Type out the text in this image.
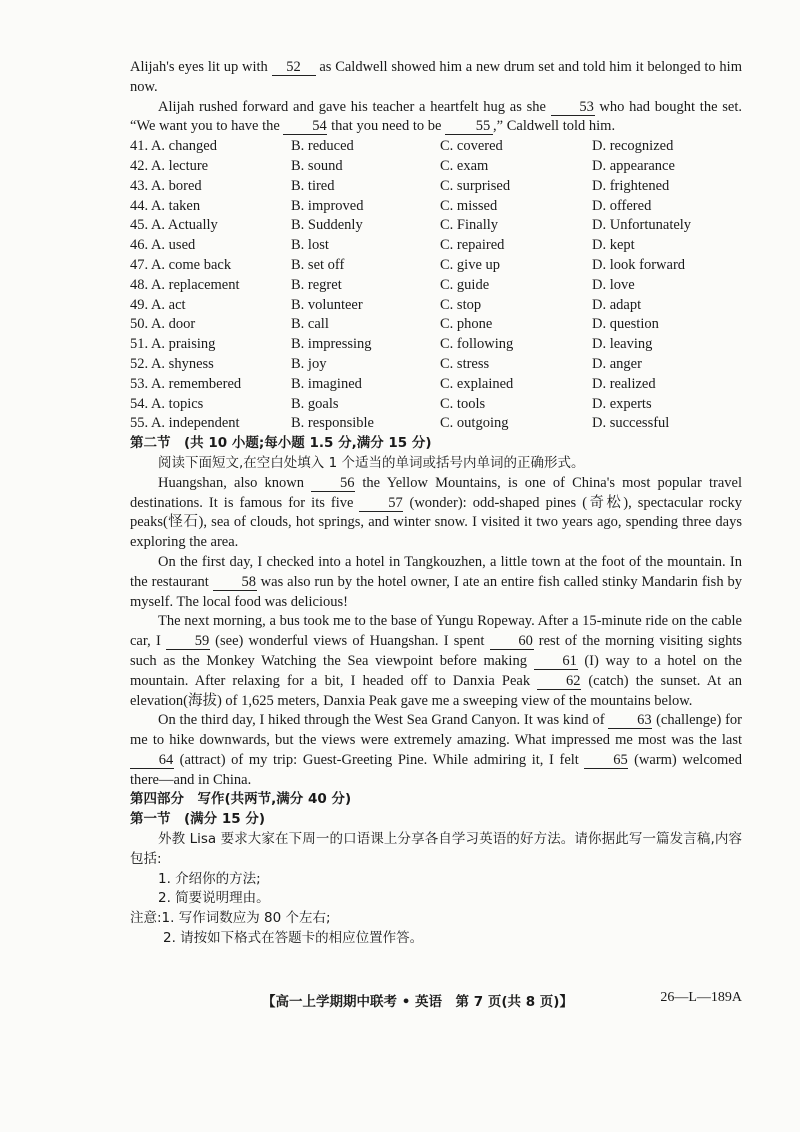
Alijah's eyes lit up with 52 as Caldwell showed him a new drum set and told him it belonged to him now.

Alijah rushed forward and gave his teacher a heartfelt hug as she 53 who had bought the set. “We want you to have the 54 that you need to be 55 ,” Caldwell told him.

41. A. changed	B. reduced	C. covered	D. recognized
42. A. lecture	B. sound	C. exam	D. appearance
43. A. bored	B. tired	C. surprised	D. frightened
44. A. taken	B. improved	C. missed	D. offered
45. A. Actually	B. Suddenly	C. Finally	D. Unfortunately
46. A. used	B. lost	C. repaired	D. kept
47. A. come back	B. set off	C. give up	D. look forward
48. A. replacement	B. regret	C. guide	D. love
49. A. act	B. volunteer	C. stop	D. adapt
50. A. door	B. call	C. phone	D. question
51. A. praising	B. impressing	C. following	D. leaving
52. A. shyness	B. joy	C. stress	D. anger
53. A. remembered	B. imagined	C. explained	D. realized
54. A. topics	B. goals	C. tools	D. experts
55. A. independent	B. responsible	C. outgoing	D. successful
第二节　(共 10 小题;每小题 1.5 分,满分 15 分)

阅读下面短文,在空白处填入 1 个适当的单词或括号内单词的正确形式。

Huangshan, also known 56 the Yellow Mountains, is one of China's most popular travel destinations. It is famous for its five 57 (wonder): odd-shaped pines (奇松), spectacular rocky peaks(怪石), sea of clouds, hot springs, and winter snow. I visited it two years ago, spending three days exploring the area.

On the first day, I checked into a hotel in Tangkouzhen, a little town at the foot of the mountain. In the restaurant 58 was also run by the hotel owner, I ate an entire fish called stinky Mandarin fish by myself. The local food was delicious!

The next morning, a bus took me to the base of Yungu Ropeway. After a 15-minute ride on the cable car, I 59 (see) wonderful views of Huangshan. I spent 60 rest of the morning visiting sights such as the Monkey Watching the Sea viewpoint before making 61 (I) way to a hotel on the mountain. After relaxing for a bit, I headed off to Danxia Peak 62 (catch) the sunset. At an elevation(海拔) of 1,625 meters, Danxia Peak gave me a sweeping view of the mountains below.

On the third day, I hiked through the West Sea Grand Canyon. It was kind of 63 (challenge) for me to hike downwards, but the views were extremely amazing. What impressed me most was the last 64 (attract) of my trip: Guest-Greeting Pine. While admiring it, I felt 65 (warm) welcomed there—and in China.

第四部分　写作(共两节,满分 40 分)
第一节　(满分 15 分)

外教 Lisa 要求大家在下周一的口语课上分享各自学习英语的好方法。请你据此写一篇发言稿,内容包括:

1. 介绍你的方法;

2. 简要说明理由。

注意:1. 写作词数应为 80 个左右;

2. 请按如下格式在答题卡的相应位置作答。

【高一上学期期中联考 • 英语　第 7 页(共 8 页)】	26—L—189A
